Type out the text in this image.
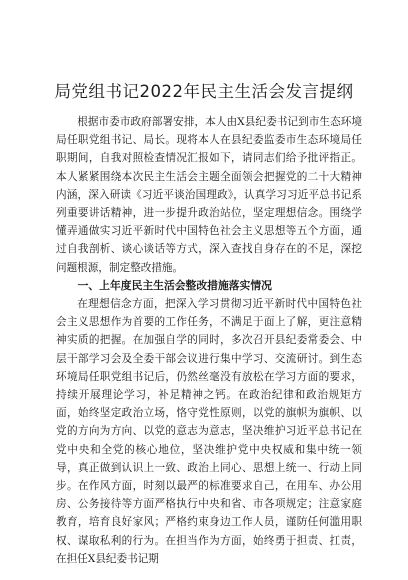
局党组书记2022年民主生活会发言提纲

根据市委市政府部署安排，本人由X县纪委书记到市生态环境局任职党组书记、局长。现将本人在县纪委监委市生态环境局任职期间，自我对照检查情况汇报如下，请同志们给予批评指正。本人紧紧围绕本次民主生活会主题全面领会把握党的二十大精神内涵，深入研读《习近平谈治国理政》，认真学习习近平总书记系列重要讲话精神，进一步提升政治站位，坚定理想信念。围绕学懂弄通做实习近平新时代中国特色社会主义思想等五个方面，通过自我剖析、谈心谈话等方式，深入查找自身存在的不足，深挖问题根源，制定整改措施。

一、上年度民主生活会整改措施落实情况

在理想信念方面，把深入学习贯彻习近平新时代中国特色社会主义思想作为首要的工作任务，不满足于面上了解，更注意精神实质的把握。在加强自学的同时，多次召开县纪委常委会、中层干部学习会及全委干部会议进行集中学习、交流研讨。到生态环境局任职党组书记后，仍然丝毫没有放松在学习方面的要求，持续开展理论学习，补足精神之钙。在政治纪律和政治规矩方面，始终坚定政治立场，恪守党性原则，以党的旗帜为旗帜、以党的方向为方向、以党的意志为意志，坚决维护习近平总书记在党中央和全党的核心地位，坚决维护党中央权威和集中统一领导，真正做到认识上一致、政治上同心、思想上统一、行动上同步。在作风方面，时刻以最严的标准要求自己，在用车、办公用房、公务接待等方面严格执行中央和省、市各项规定；注意家庭教育，培育良好家风；严格约束身边工作人员，谨防任何滥用职权、谋取私利的行为。在担当作为方面，始终勇于担责、扛责，在担任X县纪委书记期
